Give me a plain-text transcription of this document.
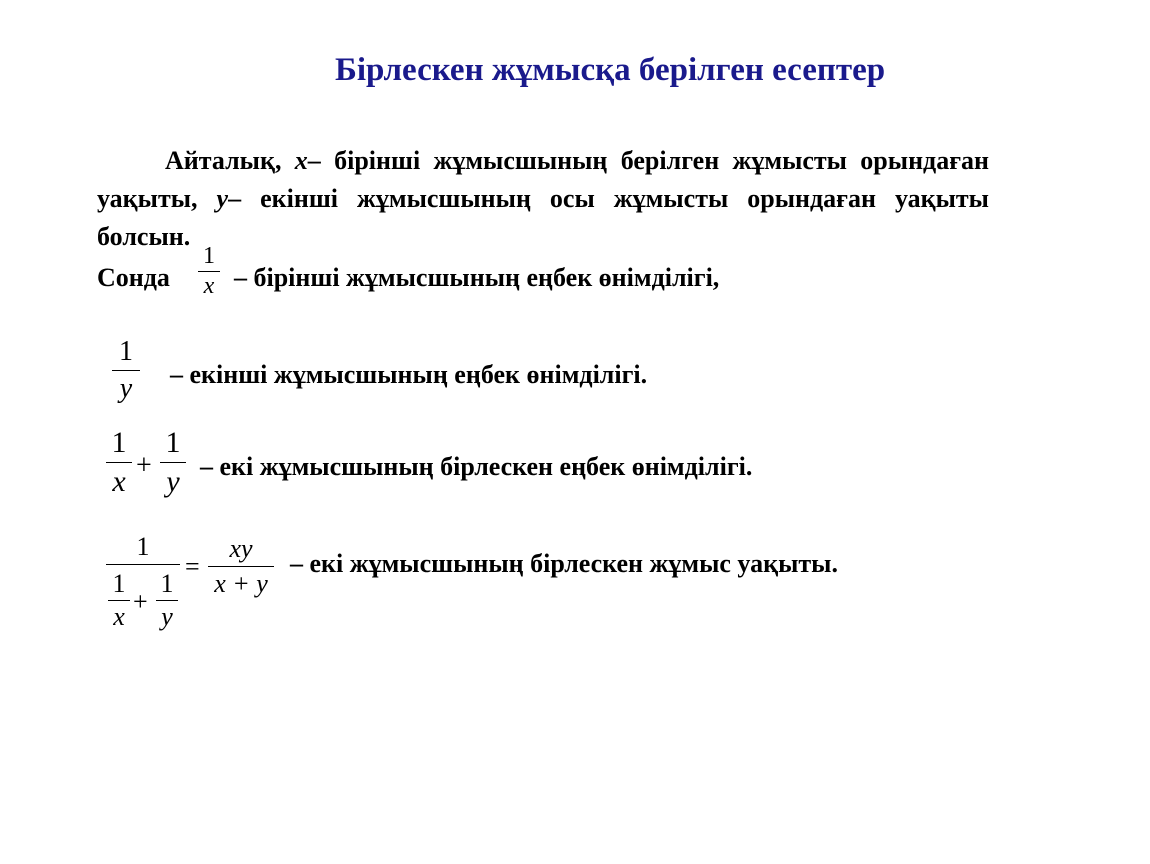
Бірлескен жұмысқа берілген есептер
Айталық, x– бірінші жұмысшының берілген жұмысты орындаған уақыты, y– екінші жұмысшының осы жұмысты орындаған уақыты болсын.
Сонда
1
x – бірінші жұмысшының еңбек өнімділігі,
1
y – екінші жұмысшының еңбек өнімділігі.
1
x +
1
y – екі жұмысшының бірлескен еңбек өнімділігі.
1
1
x
+
1
y
=
xy
x + y
– екі жұмысшының бірлескен жұмыс уақыты.
